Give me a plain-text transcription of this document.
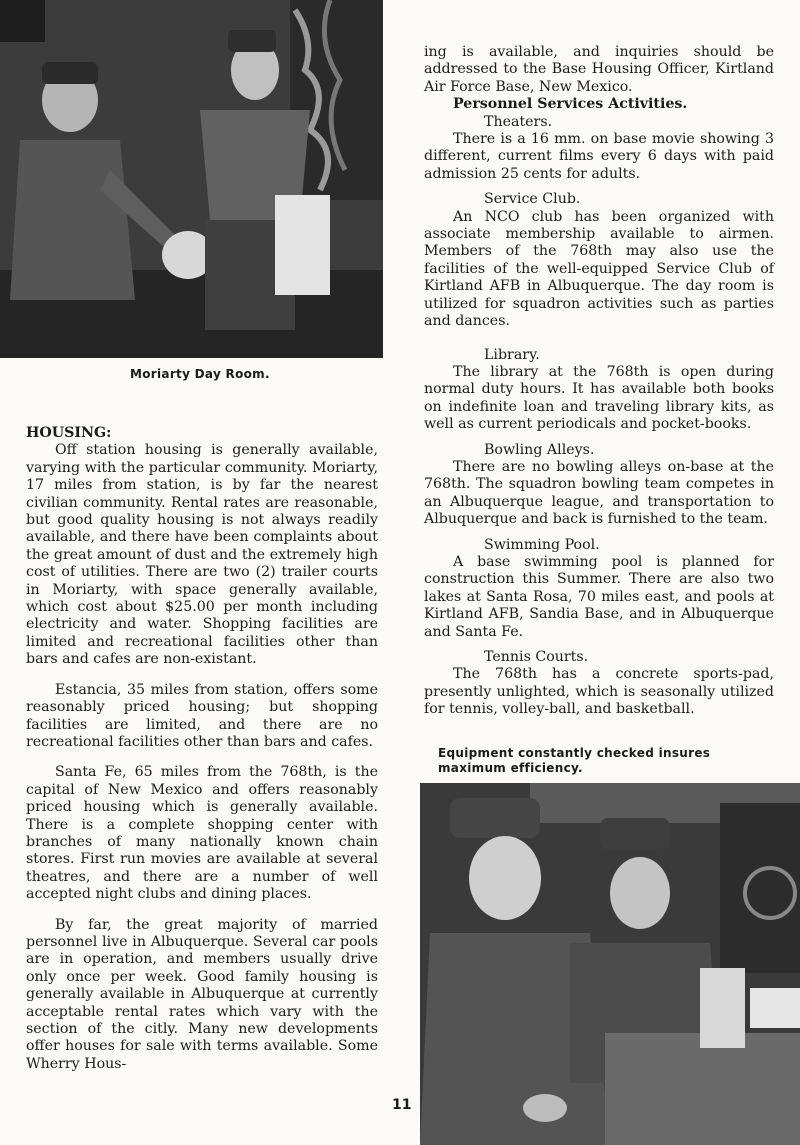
Moriarty Day Room.

HOUSING:

Off station housing is generally available, varying with the particular community. Moriarty, 17 miles from station, is by far the nearest civilian community. Rental rates are reasonable, but good quality housing is not always readily available, and there have been complaints about the great amount of dust and the extremely high cost of utilities. There are two (2) trailer courts in Moriarty, with space generally available, which cost about $25.00 per month including electricity and water. Shopping facilities are limited and recreational facilities other than bars and cafes are non-existant.

Estancia, 35 miles from station, offers some reasonably priced housing; but shopping facilities are limited, and there are no recreational facilities other than bars and cafes.

Santa Fe, 65 miles from the 768th, is the capital of New Mexico and offers reasonably priced housing which is generally available. There is a complete shopping center with branches of many nationally known chain stores. First run movies are available at several theatres, and there are a number of well accepted night clubs and dining places.

By far, the great majority of married personnel live in Albuquerque. Several car pools are in operation, and members usually drive only once per week. Good family housing is generally available in Albuquerque at currently acceptable rental rates which vary with the section of the citly. Many new developments offer houses for sale with terms available. Some Wherry Hous-

ing is available, and inquiries should be addressed to the Base Housing Officer, Kirtland Air Force Base, New Mexico.

Personnel Services Activities.

Theaters.

There is a 16 mm. on base movie showing 3 different, current films every 6 days with paid admission 25 cents for adults.

Service Club.

An NCO club has been organized with associate membership available to airmen. Members of the 768th may also use the facilities of the well-equipped Service Club of Kirtland AFB in Albuquerque. The day room is utilized for squadron activities such as parties and dances.

Library.

The library at the 768th is open during normal duty hours. It has available both books on indefinite loan and traveling library kits, as well as current periodicals and pocket-books.

Bowling Alleys.

There are no bowling alleys on-base at the 768th. The squadron bowling team competes in an Albuquerque league, and transportation to Albuquerque and back is furnished to the team.

Swimming Pool.

A base swimming pool is planned for construction this Summer. There are also two lakes at Santa Rosa, 70 miles east, and pools at Kirtland AFB, Sandia Base, and in Albuquerque and Santa Fe.

Tennis Courts.

The 768th has a concrete sports-pad, presently unlighted, which is seasonally utilized for tennis, volley-ball, and basketball.

Equipment constantly checked insures maximum efficiency.
11
